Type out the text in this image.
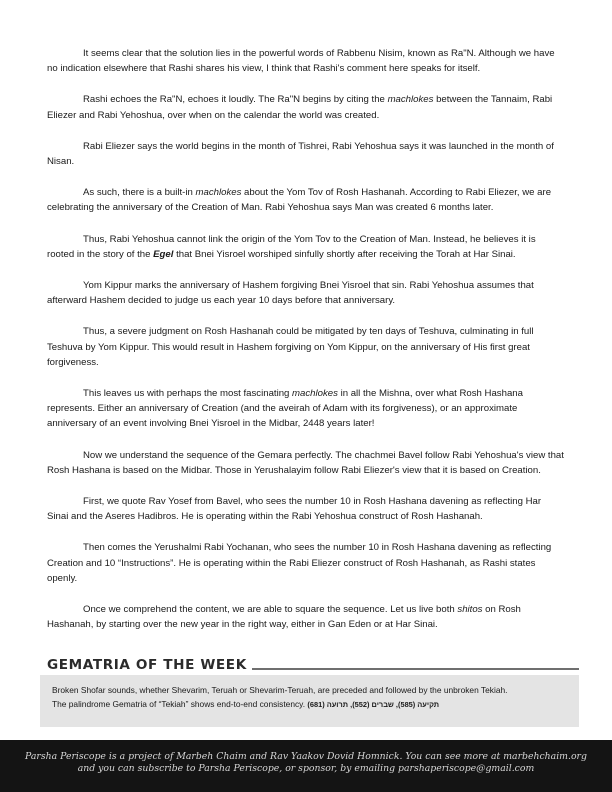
It seems clear that the solution lies in the powerful words of Rabbenu Nisim, known as Ra"N. Although we have no indication elsewhere that Rashi shares his view, I think that Rashi's comment here speaks for itself.

Rashi echoes the Ra"N, echoes it loudly. The Ra"N begins by citing the machlokes between the Tannaim, Rabi Eliezer and Rabi Yehoshua, over when on the calendar the world was created.

Rabi Eliezer says the world begins in the month of Tishrei, Rabi Yehoshua says it was launched in the month of Nisan.

As such, there is a built-in machlokes about the Yom Tov of Rosh Hashanah. According to Rabi Eliezer, we are celebrating the anniversary of the Creation of Man. Rabi Yehoshua says Man was created 6 months later.

Thus, Rabi Yehoshua cannot link the origin of the Yom Tov to the Creation of Man. Instead, he believes it is rooted in the story of the Egel that Bnei Yisroel worshiped sinfully shortly after receiving the Torah at Har Sinai.

Yom Kippur marks the anniversary of Hashem forgiving Bnei Yisroel that sin. Rabi Yehoshua assumes that afterward Hashem decided to judge us each year 10 days before that anniversary.

Thus, a severe judgment on Rosh Hashanah could be mitigated by ten days of Teshuva, culminating in full Teshuva by Yom Kippur. This would result in Hashem forgiving on Yom Kippur, on the anniversary of His first great forgiveness.

This leaves us with perhaps the most fascinating machlokes in all the Mishna, over what Rosh Hashana represents. Either an anniversary of Creation (and the aveirah of Adam with its forgiveness), or an approximate anniversary of an event involving Bnei Yisroel in the Midbar, 2448 years later!

Now we understand the sequence of the Gemara perfectly. The chachmei Bavel follow Rabi Yehoshua's view that Rosh Hashana is based on the Midbar. Those in Yerushalayim follow Rabi Eliezer's view that it is based on Creation.

First, we quote Rav Yosef from Bavel, who sees the number 10 in Rosh Hashana davening as reflecting Har Sinai and the Aseres Hadibros. He is operating within the Rabi Yehoshua construct of Rosh Hashanah.

Then comes the Yerushalmi Rabi Yochanan, who sees the number 10 in Rosh Hashana davening as reflecting Creation and 10 “Instructions”. He is operating within the Rabi Eliezer construct of Rosh Hashanah, as Rashi states openly.

Once we comprehend the content, we are able to square the sequence. Let us live both shitos on Rosh Hashanah, by starting over the new year in the right way, either in Gan Eden or at Har Sinai.

GEMATRIA OF THE WEEK

Broken Shofar sounds, whether Shevarim, Teruah or Shevarim-Teruah, are preceded and followed by the unbroken Tekiah.

The palindrome Gematria of “Tekiah” shows end-to-end consistency. תקיעה (585), שברים (552), תרועה (681)

Parsha Periscope is a project of Marbeh Chaim and Rav Yaakov Dovid Homnick. You can see more at marbehchaim.org

and you can subscribe to Parsha Periscope, or sponsor, by emailing parshaperiscope@gmail.com
